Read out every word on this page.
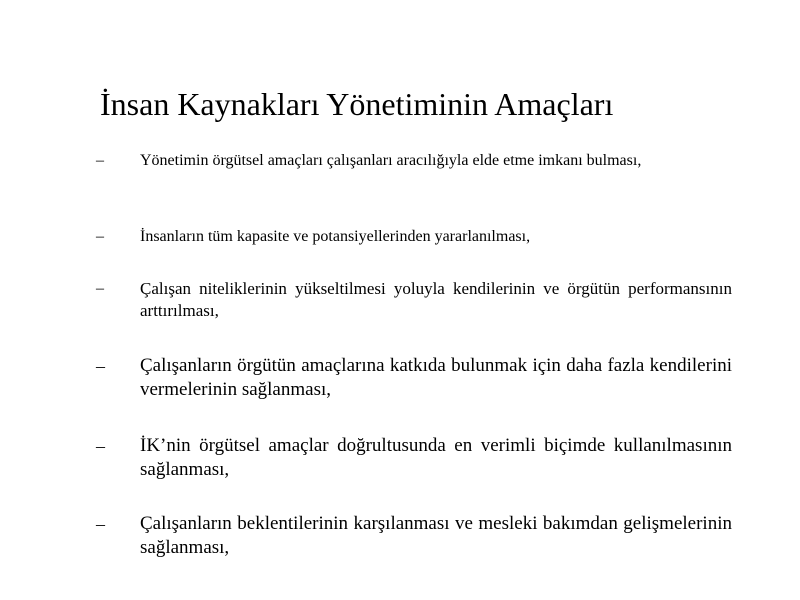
İnsan Kaynakları Yönetiminin Amaçları
–	Yönetimin örgütsel amaçları çalışanları aracılığıyla elde etme imkanı bulması,
–	İnsanların tüm kapasite ve potansiyellerinden yararlanılması,
–	Çalışan niteliklerinin yükseltilmesi yoluyla kendilerinin ve örgütün performansının arttırılması,
–	Çalışanların örgütün amaçlarına katkıda bulunmak için daha fazla kendilerini vermelerinin sağlanması,
–	İK’nin örgütsel amaçlar doğrultusunda en verimli biçimde kullanılmasının sağlanması,
–	Çalışanların beklentilerinin karşılanması ve mesleki bakımdan gelişmelerinin sağlanması,
